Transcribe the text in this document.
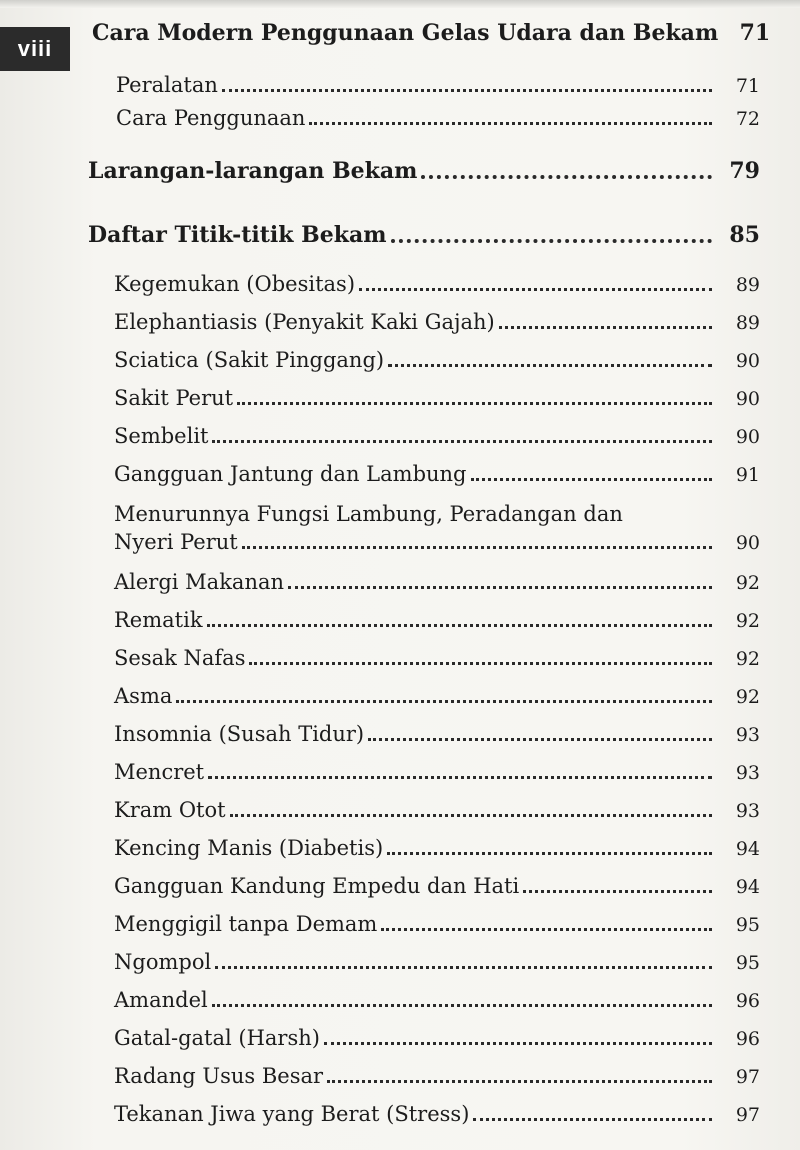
viii
Cara Modern Penggunaan Gelas Udara dan Bekam 71
Peralatan	71
Cara Penggunaan	72
Larangan-larangan Bekam	79
Daftar Titik-titik Bekam	85
Kegemukan (Obesitas)	89
Elephantiasis (Penyakit Kaki Gajah)	89
Sciatica (Sakit Pinggang)	90
Sakit Perut	90
Sembelit	90
Gangguan Jantung dan Lambung	91
Menurunnya Fungsi Lambung, Peradangan dan
Nyeri Perut	90
Alergi Makanan	92
Rematik	92
Sesak Nafas	92
Asma	92
Insomnia (Susah Tidur)	93
Mencret	93
Kram Otot	93
Kencing Manis (Diabetis)	94
Gangguan Kandung Empedu dan Hati	94
Menggigil tanpa Demam	95
Ngompol	95
Amandel	96
Gatal-gatal (Harsh)	96
Radang Usus Besar	97
Tekanan Jiwa yang Berat (Stress)	97
